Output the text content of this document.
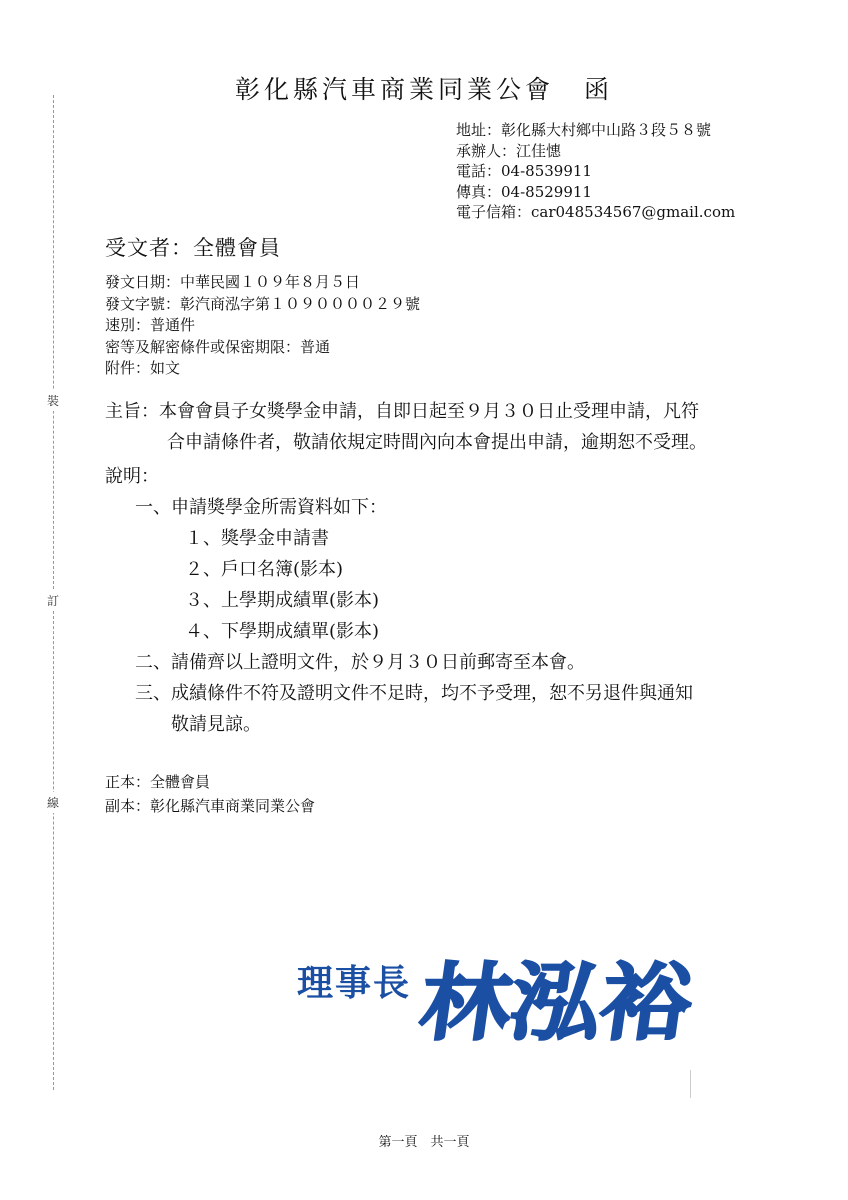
裝
訂
線
彰化縣汽車商業同業公會 函
地址：彰化縣大村鄉中山路３段５８號
承辦人：江佳憓
電話：04-8539911
傳真：04-8529911
電子信箱：car048534567@gmail.com
受文者：全體會員
發文日期：中華民國１０９年８月５日
發文字號：彰汽商泓字第１０９００００２９號
速別：普通件
密等及解密條件或保密期限：普通
附件：如文
主旨：本會會員子女獎學金申請，自即日起至９月３０日止受理申請，凡符
合申請條件者，敬請依規定時間內向本會提出申請，逾期恕不受理。
說明：
一、申請獎學金所需資料如下：
１、獎學金申請書
２、戶口名簿(影本)
３、上學期成績單(影本)
４、下學期成績單(影本)
二、請備齊以上證明文件，於９月３０日前郵寄至本會。
三、成績條件不符及證明文件不足時，均不予受理，恕不另退件與通知
敬請見諒。
正本：全體會員
副本：彰化縣汽車商業同業公會
理事長 林泓裕
第一頁　共一頁
